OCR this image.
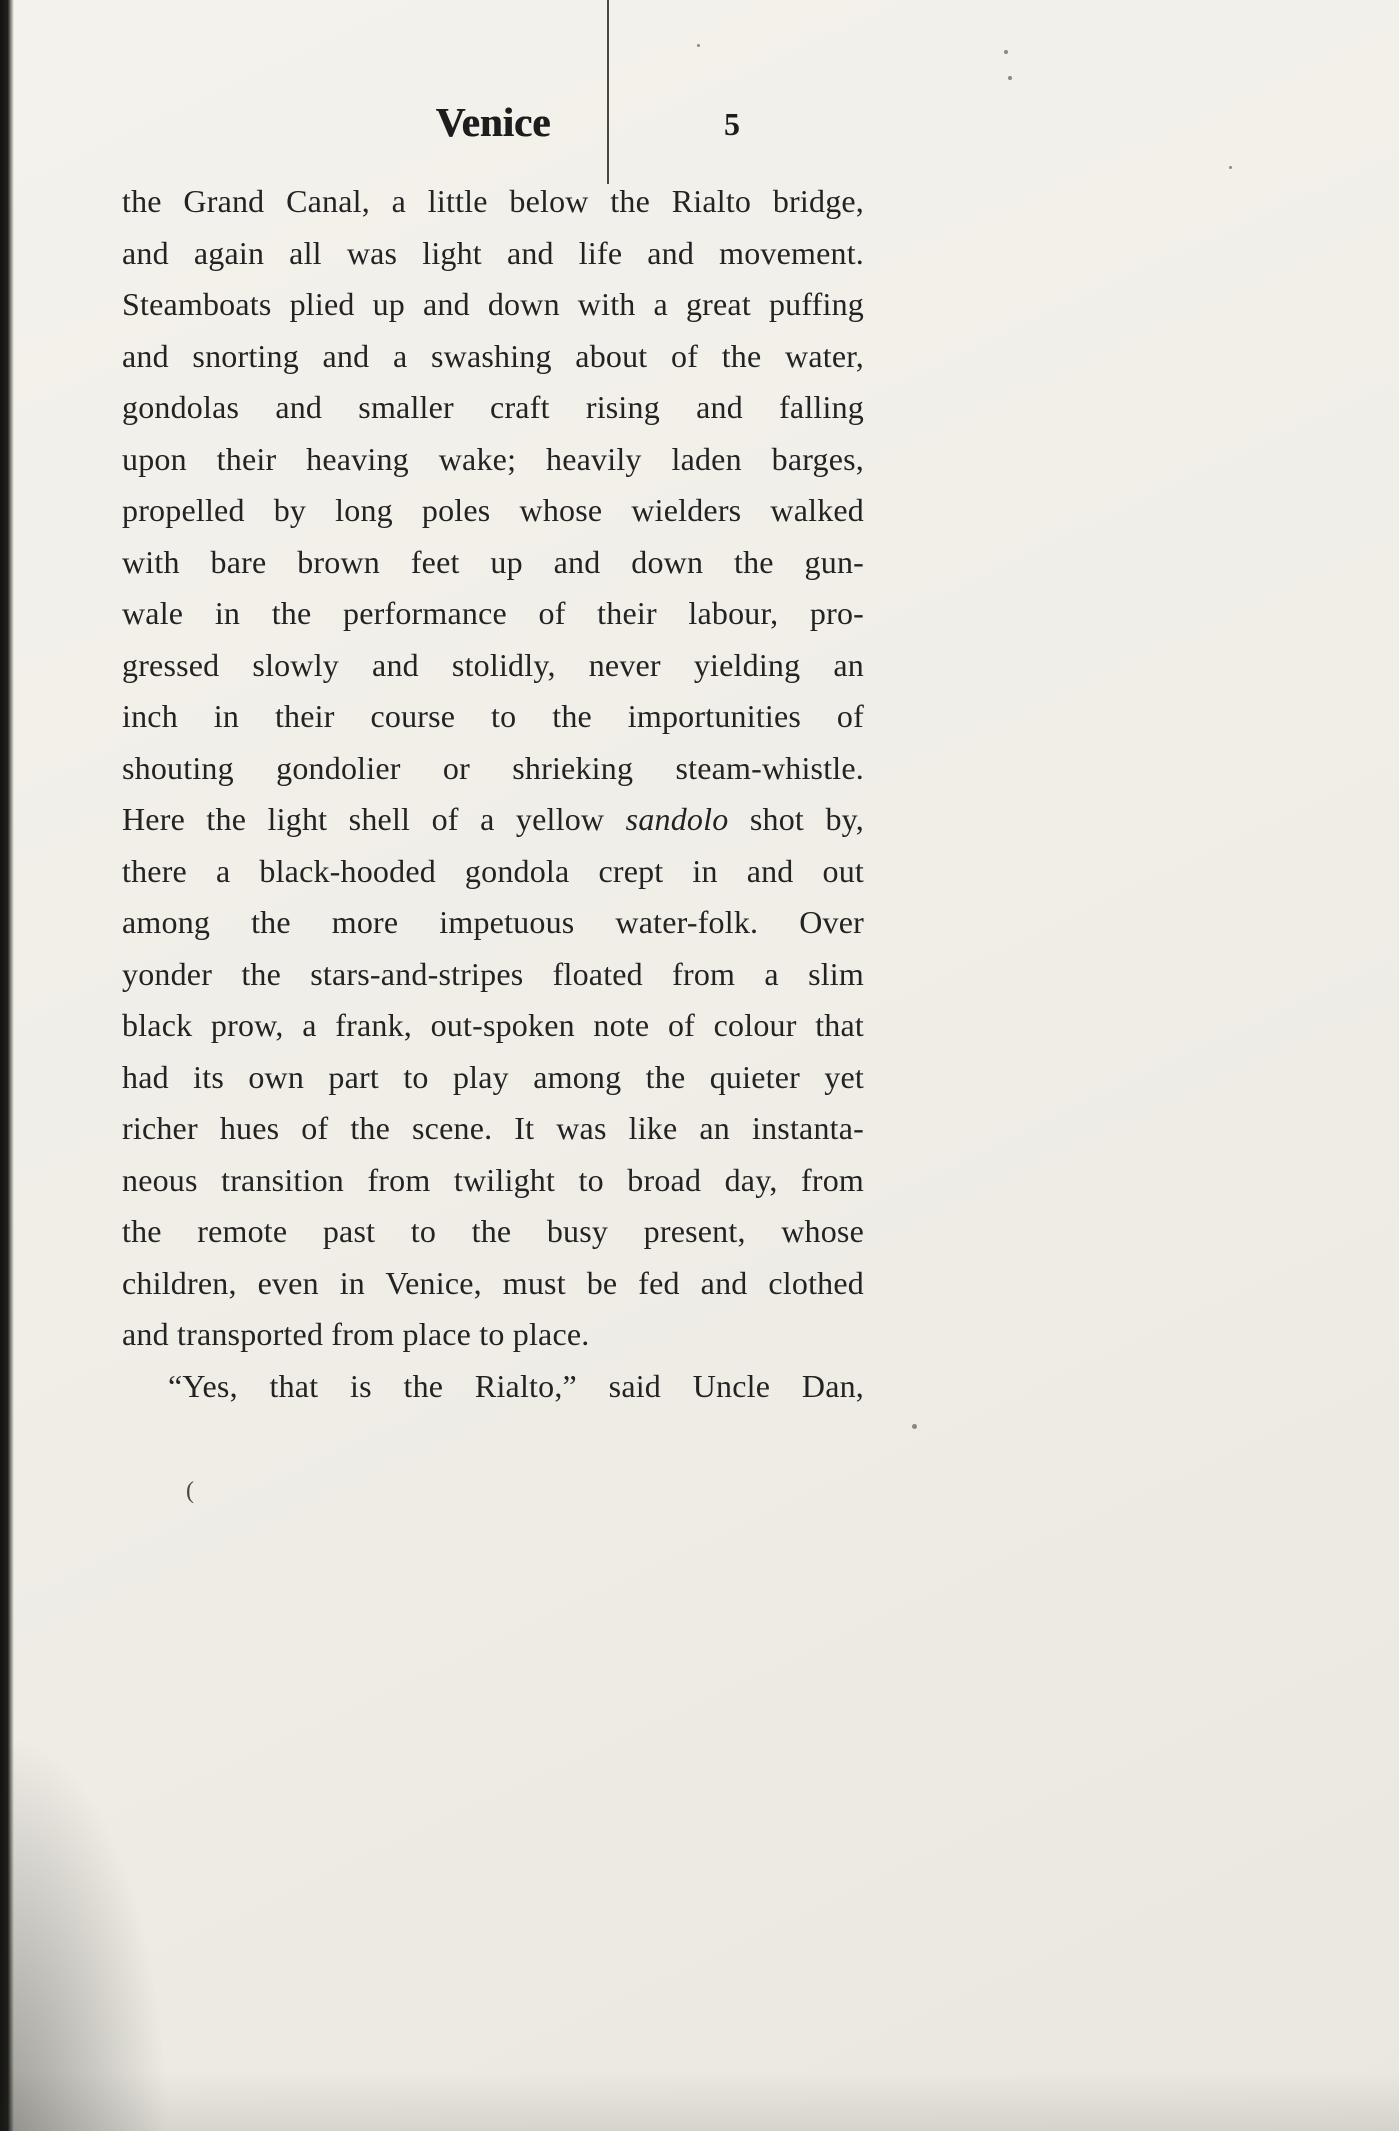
Venice	5
the Grand Canal, a little below the Rialto bridge,
and again all was light and life and movement.
Steamboats plied up and down with a great puffing
and snorting and a swashing about of the water,
gondolas and smaller craft rising and falling
upon their heaving wake; heavily laden barges,
propelled by long poles whose wielders walked
with bare brown feet up and down the gun-
wale in the performance of their labour, pro-
gressed slowly and stolidly, never yielding an
inch in their course to the importunities of
shouting gondolier or shrieking steam-whistle.
Here the light shell of a yellow sandolo shot by,
there a black-hooded gondola crept in and out
among the more impetuous water-folk. Over
yonder the stars-and-stripes floated from a slim
black prow, a frank, out-spoken note of colour that
had its own part to play among the quieter yet
richer hues of the scene. It was like an instanta-
neous transition from twilight to broad day, from
the remote past to the busy present, whose
children, even in Venice, must be fed and clothed
and transported from place to place.
“Yes, that is the Rialto,” said Uncle Dan,
(
